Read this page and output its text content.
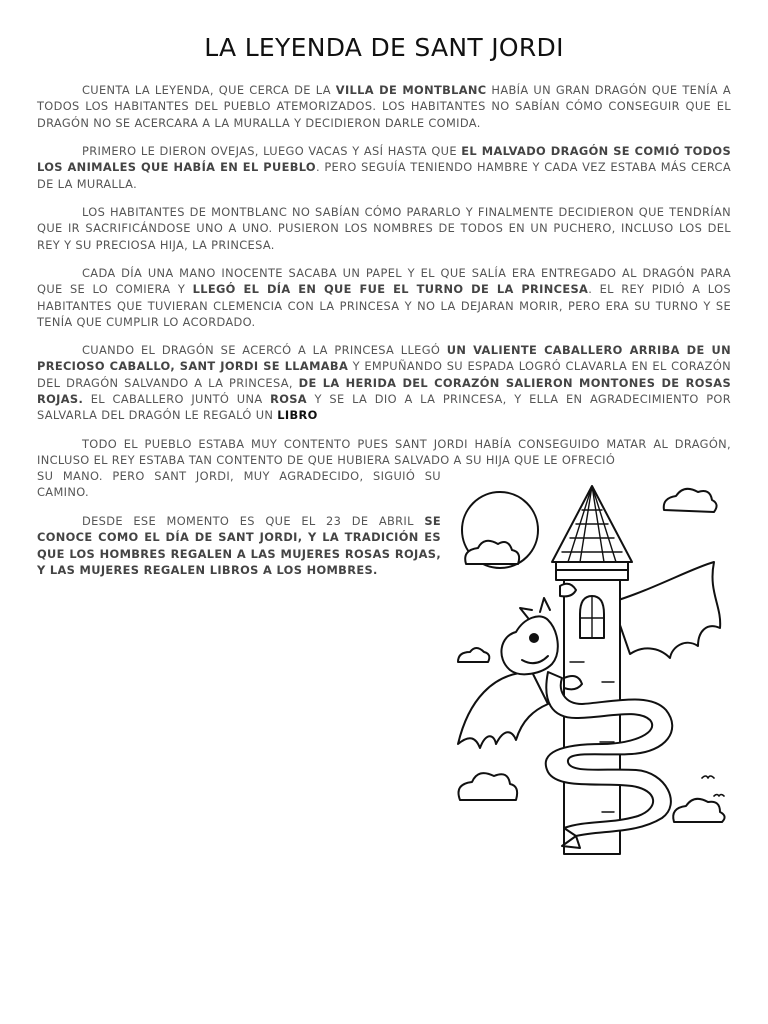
LA LEYENDA DE SANT JORDI

CUENTA LA LEYENDA, QUE CERCA DE LA VILLA DE MONTBLANC HABÍA UN GRAN DRAGÓN QUE TENÍA A TODOS LOS HABITANTES DEL PUEBLO ATEMORIZADOS. LOS HABITANTES NO SABÍAN CÓMO CONSEGUIR QUE EL DRAGÓN NO SE ACERCARA A LA MURALLA Y DECIDIERON DARLE COMIDA.

PRIMERO LE DIERON OVEJAS, LUEGO VACAS Y ASÍ HASTA QUE EL MALVADO DRAGÓN SE COMIÓ TODOS LOS ANIMALES QUE HABÍA EN EL PUEBLO. PERO SEGUÍA TENIENDO HAMBRE Y CADA VEZ ESTABA MÁS CERCA DE LA MURALLA.

LOS HABITANTES DE MONTBLANC NO SABÍAN CÓMO PARARLO Y FINALMENTE DECIDIERON QUE TENDRÍAN QUE IR SACRIFICÁNDOSE UNO A UNO. PUSIERON LOS NOMBRES DE TODOS EN UN PUCHERO, INCLUSO LOS DEL REY Y SU PRECIOSA HIJA, LA PRINCESA.

CADA DÍA UNA MANO INOCENTE SACABA UN PAPEL Y EL QUE SALÍA ERA ENTREGADO AL DRAGÓN PARA QUE SE LO COMIERA Y LLEGÓ EL DÍA EN QUE FUE EL TURNO DE LA PRINCESA. EL REY PIDIÓ A LOS HABITANTES QUE TUVIERAN CLEMENCIA CON LA PRINCESA Y NO LA DEJARAN MORIR, PERO ERA SU TURNO Y SE TENÍA QUE CUMPLIR LO ACORDADO.

CUANDO EL DRAGÓN SE ACERCÓ A LA PRINCESA LLEGÓ UN VALIENTE CABALLERO ARRIBA DE UN PRECIOSO CABALLO, SANT JORDI SE LLAMABA Y EMPUÑANDO SU ESPADA LOGRÓ CLAVARLA EN EL CORAZÓN DEL DRAGÓN SALVANDO A LA PRINCESA, DE LA HERIDA DEL CORAZÓN SALIERON MONTONES DE ROSAS ROJAS. EL CABALLERO JUNTÓ UNA ROSA Y SE LA DIO A LA PRINCESA, Y ELLA EN AGRADECIMIENTO POR SALVARLA DEL DRAGÓN LE REGALÓ UN LIBRO

TODO EL PUEBLO ESTABA MUY CONTENTO PUES SANT JORDI HABÍA CONSEGUIDO MATAR AL DRAGÓN, INCLUSO EL REY ESTABA TAN CONTENTO DE QUE HUBIERA SALVADO A SU HIJA QUE LE OFRECIÓ

SU MANO. PERO SANT JORDI, MUY AGRADECIDO, SIGUIÓ SU CAMINO.

DESDE ESE MOMENTO ES QUE EL 23 DE ABRIL SE CONOCE COMO EL DÍA DE SANT JORDI, Y LA TRADICIÓN ES QUE LOS HOMBRES REGALEN A LAS MUJERES ROSAS ROJAS, Y LAS MUJERES REGALEN LIBROS A LOS HOMBRES.
